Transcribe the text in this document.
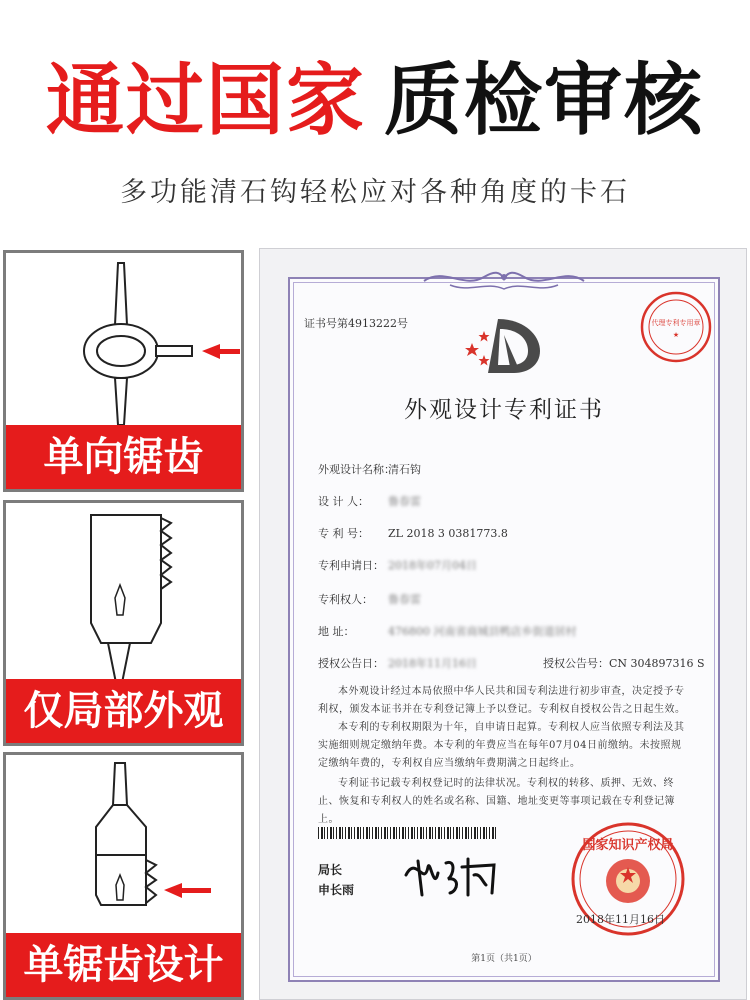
通过国家 质检审核
多功能清石钩轻松应对各种角度的卡石
单向锯齿
仅局部外观
单锯齿设计
证书号第4913222号	代理专利专用章
★
外观设计专利证书
外观设计名称：清石钩
设 计 人： 鲁春雷
专 利 号： ZL 2018 3 0381773.8
专利申请日： 2018年07月04日
专利权人： 鲁春雷
地 址：	476800 河南省商城县鸭店乡街道居村
授权公告日： 2018年11月16日	授权公告号：CN 304897316 S
本外观设计经过本局依照中华人民共和国专利法进行初步审查，决定授予专利权，颁发本证书并在专利登记簿上予以登记。专利权自授权公告之日起生效。
本专利的专利权期限为十年，自申请日起算。专利权人应当依照专利法及其实施细则规定缴纳年费。本专利的年费应当在每年07月04日前缴纳。未按照规定缴纳年费的，专利权自应当缴纳年费期满之日起终止。
专利证书记载专利权登记时的法律状况。专利权的转移、质押、无效、终止、恢复和专利权人的姓名或名称、国籍、地址变更等事项记载在专利登记簿上。
局长
申长雨
国家知识产权局
2018年11月16日
第1页（共1页）
